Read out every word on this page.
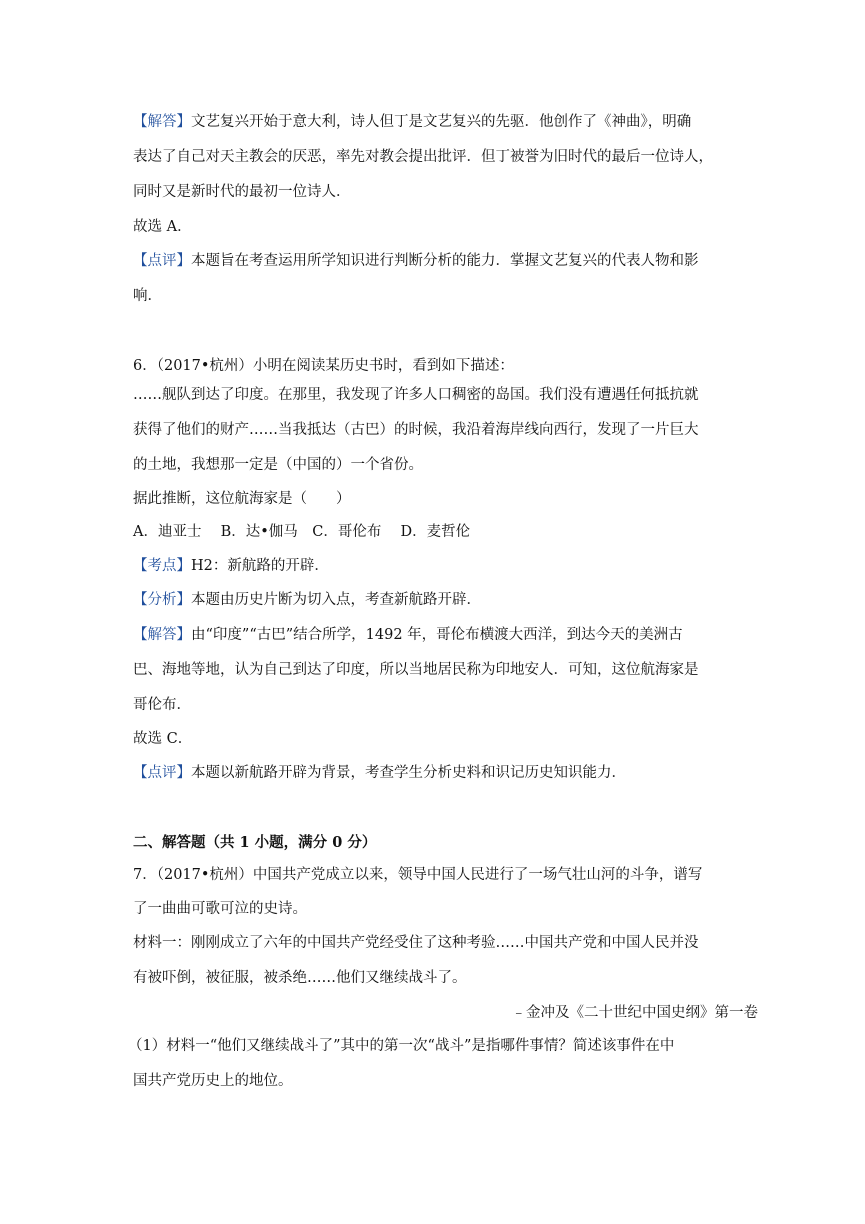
【解答】文艺复兴开始于意大利，诗人但丁是文艺复兴的先驱．他创作了《神曲》，明确
表达了自己对天主教会的厌恶，率先对教会提出批评．但丁被誉为旧时代的最后一位诗人，
同时又是新时代的最初一位诗人．
故选 A．
【点评】本题旨在考查运用所学知识进行判断分析的能力．掌握文艺复兴的代表人物和影
响．
6．（2017•杭州）小明在阅读某历史书时，看到如下描述：
……舰队到达了印度。在那里，我发现了许多人口稠密的岛国。我们没有遭遇任何抵抗就
获得了他们的财产……当我抵达（古巴）的时候，我沿着海岸线向西行，发现了一片巨大
的土地，我想那一定是（中国的）一个省份。
据此推断，这位航海家是（　　）
A．迪亚士　 B．达•伽马　C．哥伦布　 D．麦哲伦
【考点】H2：新航路的开辟．
【分析】本题由历史片断为切入点，考查新航路开辟．
【解答】由“印度”“古巴”结合所学，1492 年，哥伦布横渡大西洋，到达今天的美洲古
巴、海地等地，认为自己到达了印度，所以当地居民称为印地安人．可知，这位航海家是
哥伦布．
故选 C．
【点评】本题以新航路开辟为背景，考查学生分析史料和识记历史知识能力．
二、解答题（共 1 小题，满分 0 分）
7．（2017•杭州）中国共产党成立以来，领导中国人民进行了一场气壮山河的斗争，谱写
了一曲曲可歌可泣的史诗。
材料一：刚刚成立了六年的中国共产党经受住了这种考验……中国共产党和中国人民并没
有被吓倒，被征服，被杀绝……他们又继续战斗了。
﹣金冲及《二十世纪中国史纲》第一卷
（1）材料一“他们又继续战斗了”其中的第一次“战斗”是指哪件事情？简述该事件在中
国共产党历史上的地位。
